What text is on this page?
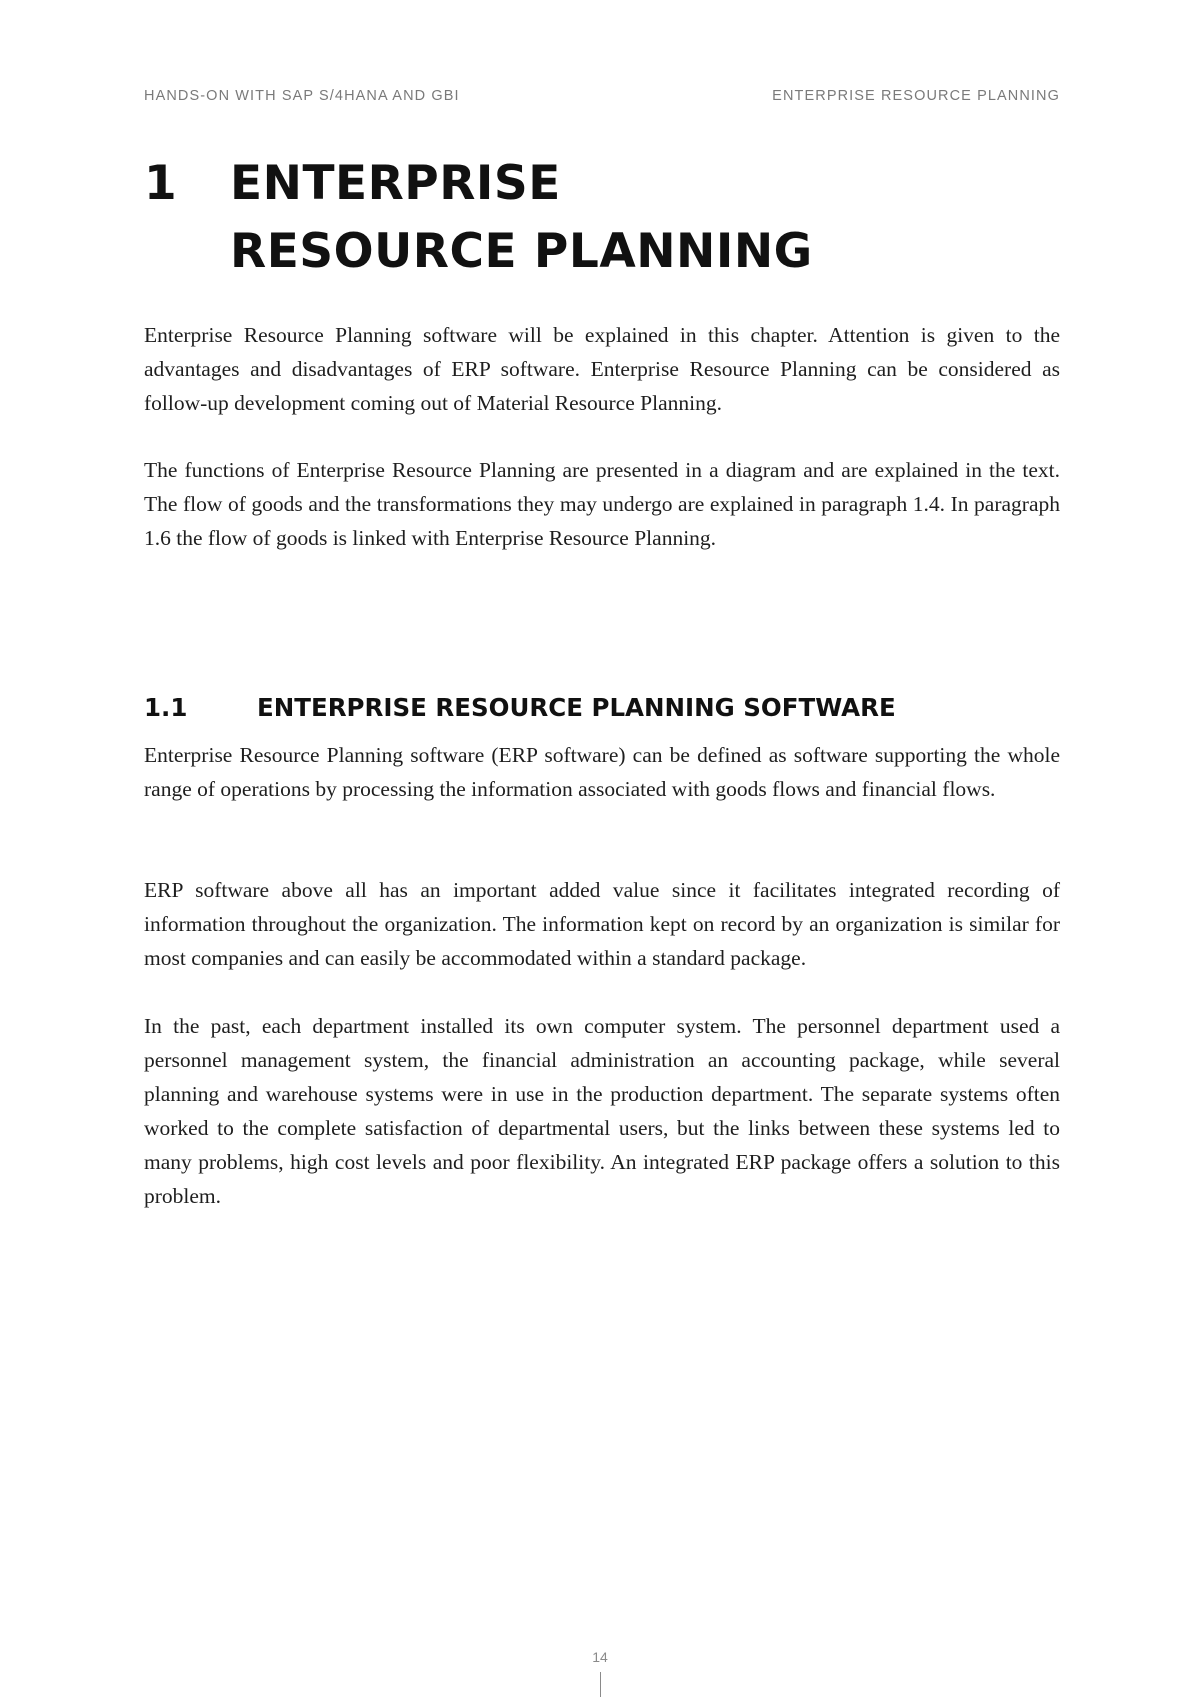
HANDS-ON WITH SAP S/4HANA AND GBI	ENTERPRISE RESOURCE PLANNING
1	ENTERPRISE RESOURCE PLANNING

Enterprise Resource Planning software will be explained in this chapter. Attention is given to the advantages and disadvantages of ERP software. Enterprise Resource Planning can be considered as follow-up development coming out of Material Resource Planning.

The functions of Enterprise Resource Planning are presented in a diagram and are explained in the text. The flow of goods and the transformations they may undergo are explained in paragraph 1.4. In paragraph 1.6 the flow of goods is linked with Enterprise Resource Planning.

1.1	ENTERPRISE RESOURCE PLANNING SOFTWARE

Enterprise Resource Planning software (ERP software) can be defined as software supporting the whole range of operations by processing the information associated with goods flows and financial flows.

ERP software above all has an important added value since it facilitates integrated recording of information throughout the organization. The information kept on record by an organization is similar for most companies and can easily be accommodated within a standard package.

In the past, each department installed its own computer system. The personnel department used a personnel management system, the financial administration an accounting package, while several planning and warehouse systems were in use in the production department. The separate systems often worked to the complete satisfaction of departmental users, but the links between these systems led to many problems, high cost levels and poor flexibility. An integrated ERP package offers a solution to this problem.

14
